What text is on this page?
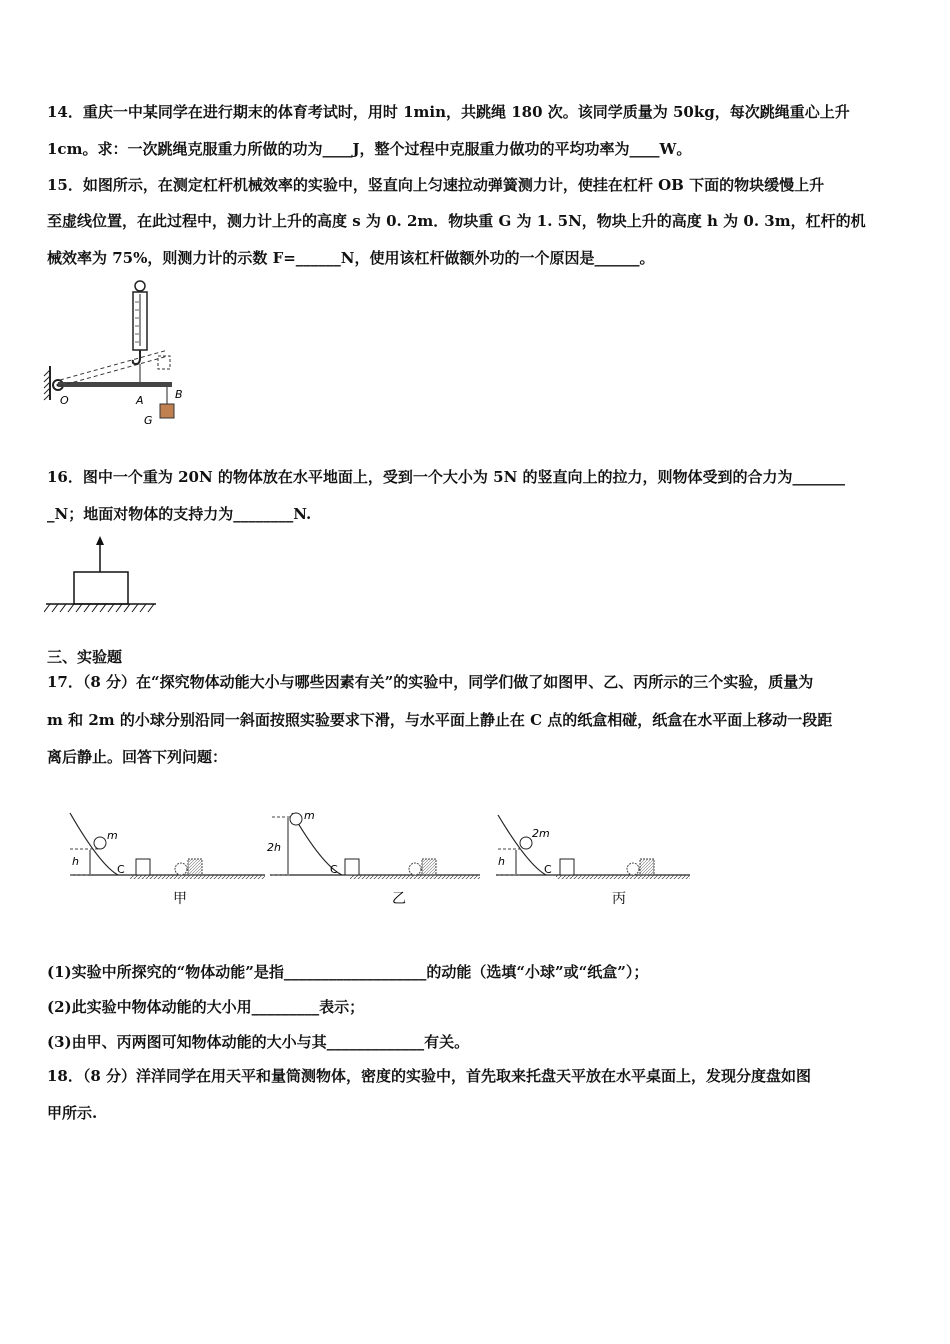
14．重庆一中某同学在进行期末的体育考试时，用时 1min，共跳绳 180 次。该同学质量为 50kg，每次跳绳重心上升
1cm。求：一次跳绳克服重力所做的功为____J，整个过程中克服重力做功的平均功率为____W。
15．如图所示，在测定杠杆机械效率的实验中，竖直向上匀速拉动弹簧测力计，使挂在杠杆 OB 下面的物块缓慢上升
至虚线位置，在此过程中，测力计上升的高度 s 为 0. 2m．物块重 G 为 1. 5N，物块上升的高度 h 为 0. 3m，杠杆的机
械效率为 75%，则测力计的示数 F=______N，使用该杠杆做额外功的一个原因是______。
O	A	B
G
16．图中一个重为 20N 的物体放在水平地面上，受到一个大小为 5N 的竖直向上的拉力，则物体受到的合力为_______
_N；地面对物体的支持力为________N.
三、实验题
17．（8 分）在“探究物体动能大小与哪些因素有关”的实验中，同学们做了如图甲、乙、丙所示的三个实验，质量为
m 和 2m 的小球分别沿同一斜面按照实验要求下滑，与水平面上静止在 C 点的纸盒相碰，纸盒在水平面上移动一段距
离后静止。回答下列问题：
m
h
C
甲
m
2h
C
乙
2m
h
C
丙
(1)实验中所探究的“物体动能”是指___________________的动能（选填“小球”或“纸盒”）；
(2)此实验中物体动能的大小用_________表示；
(3)由甲、丙两图可知物体动能的大小与其_____________有关。
18．（8 分）洋洋同学在用天平和量筒测物体，密度的实验中，首先取来托盘天平放在水平桌面上，发现分度盘如图
甲所示.
